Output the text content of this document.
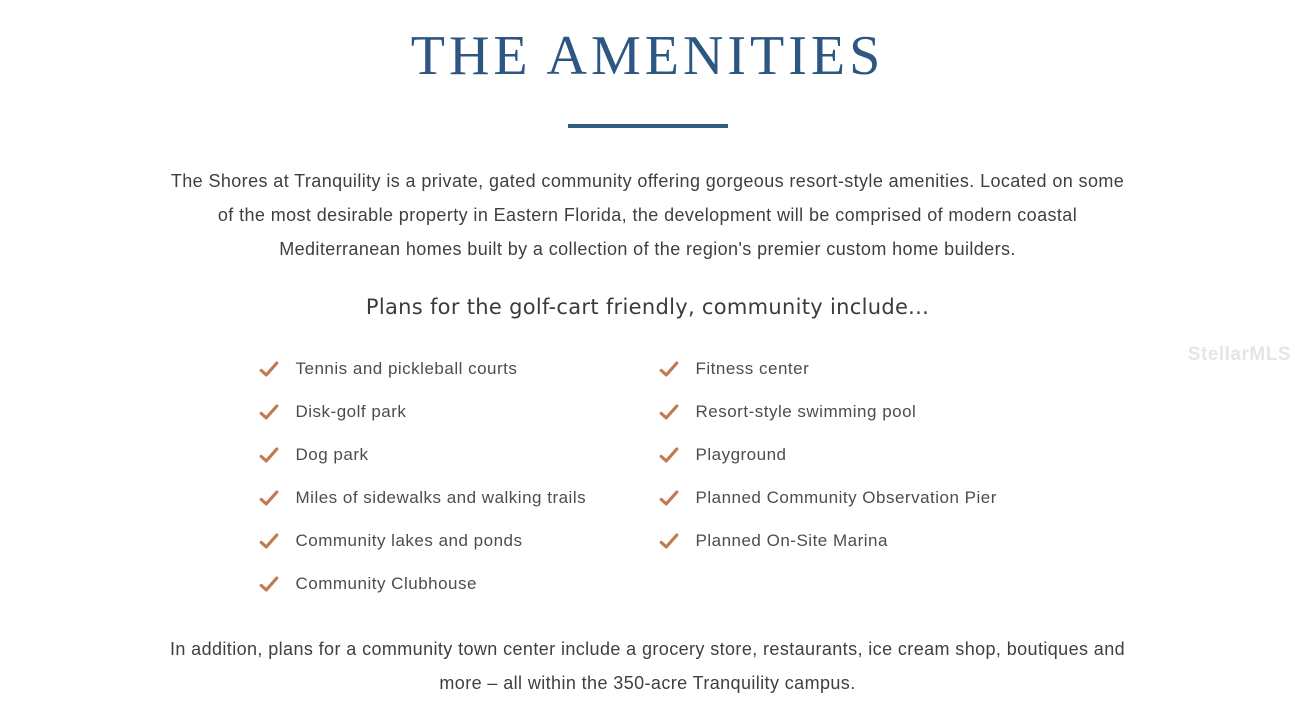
THE AMENITIES
The Shores at Tranquility is a private, gated community offering gorgeous resort-style amenities. Located on some
of the most desirable property in Eastern Florida, the development will be comprised of modern coastal
Mediterranean homes built by a collection of the region's premier custom home builders.
Plans for the golf-cart friendly, community include...
Tennis and pickleball courts
Disk-golf park
Dog park
Miles of sidewalks and walking trails
Community lakes and ponds
Community Clubhouse
Fitness center
Resort-style swimming pool
Playground
Planned Community Observation Pier
Planned On-Site Marina
In addition, plans for a community town center include a grocery store, restaurants, ice cream shop, boutiques and
more – all within the 350-acre Tranquility campus.
StellarMLS
